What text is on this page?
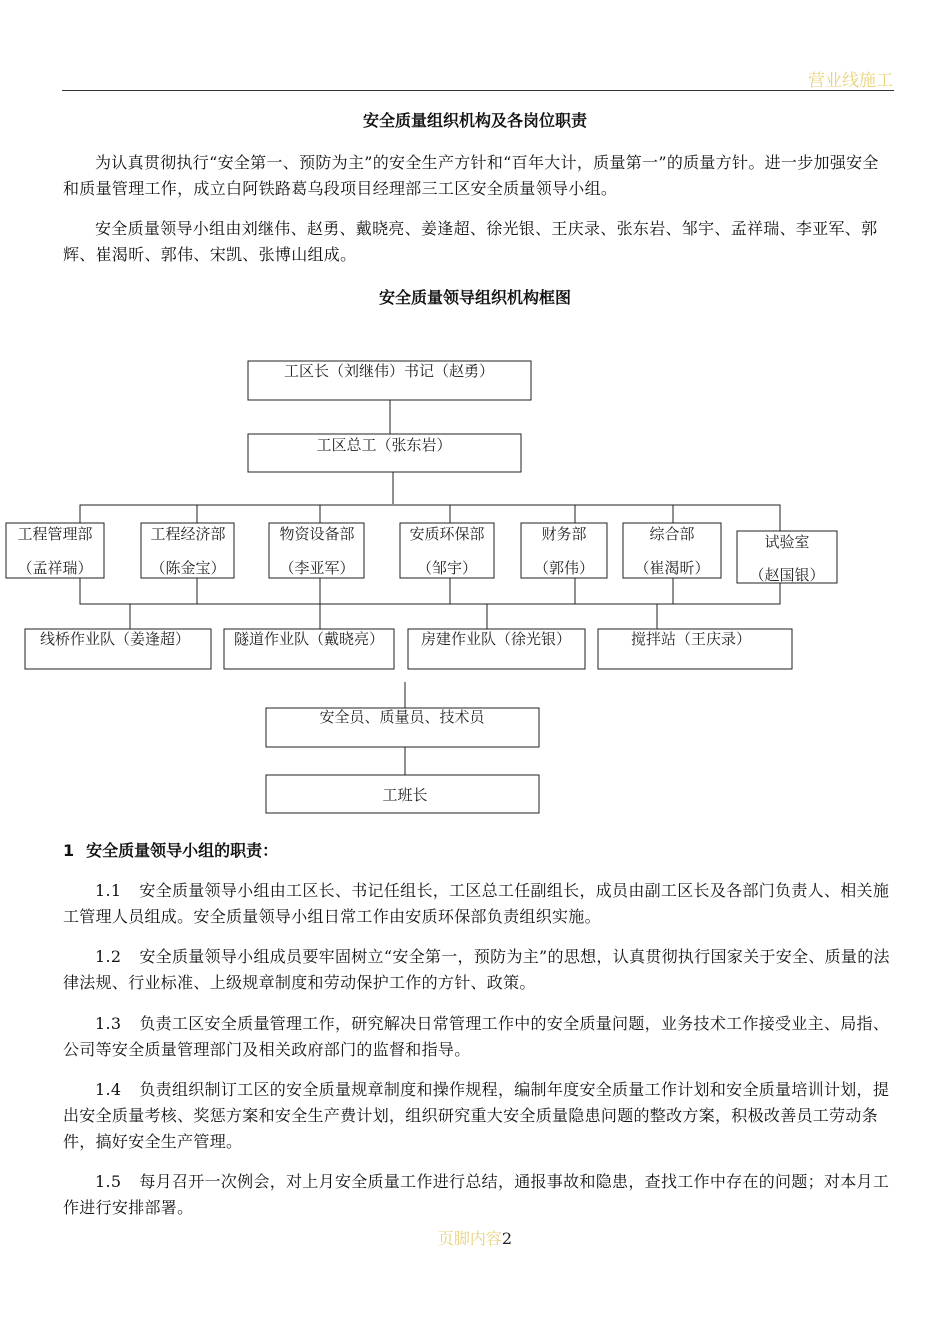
营业线施工
安全质量组织机构及各岗位职责

为认真贯彻执行“安全第一、预防为主”的安全生产方针和“百年大计，质量第一”的质量方针。进一步加强安全和质量管理工作，成立白阿铁路葛乌段项目经理部三工区安全质量领导小组。

安全质量领导小组由刘继伟、赵勇、戴晓亮、姜逢超、徐光银、王庆录、张东岩、邹宇、孟祥瑞、李亚军、郭辉、崔渴昕、郭伟、宋凯、张博山组成。

安全质量领导组织机构框图
工区长（刘继伟）书记（赵勇）
工区总工（张东岩）
工程管理部
（孟祥瑞）
工程经济部
（陈金宝）
物资设备部
（李亚军）
安质环保部
（邹宇）
财务部
（郭伟）
综合部
（崔渴昕）
试验室
（赵国银）
线桥作业队（姜逢超）	隧道作业队（戴晓亮） 房建作业队（徐光银）	搅拌站（王庆录）
安全员、质量员、技术员
工班长
1 安全质量领导小组的职责：

1.1 安全质量领导小组由工区长、书记任组长，工区总工任副组长，成员由副工区长及各部门负责人、相关施工管理人员组成。安全质量领导小组日常工作由安质环保部负责组织实施。

1.2 安全质量领导小组成员要牢固树立“安全第一，预防为主”的思想，认真贯彻执行国家关于安全、质量的法律法规、行业标准、上级规章制度和劳动保护工作的方针、政策。

1.3 负责工区安全质量管理工作，研究解决日常管理工作中的安全质量问题，业务技术工作接受业主、局指、公司等安全质量管理部门及相关政府部门的监督和指导。

1.4 负责组织制订工区的安全质量规章制度和操作规程，编制年度安全质量工作计划和安全质量培训计划，提出安全质量考核、奖惩方案和安全生产费计划，组织研究重大安全质量隐患问题的整改方案，积极改善员工劳动条件，搞好安全生产管理。

1.5 每月召开一次例会，对上月安全质量工作进行总结，通报事故和隐患，查找工作中存在的问题；对本月工作进行安排部署。

页脚内容2
